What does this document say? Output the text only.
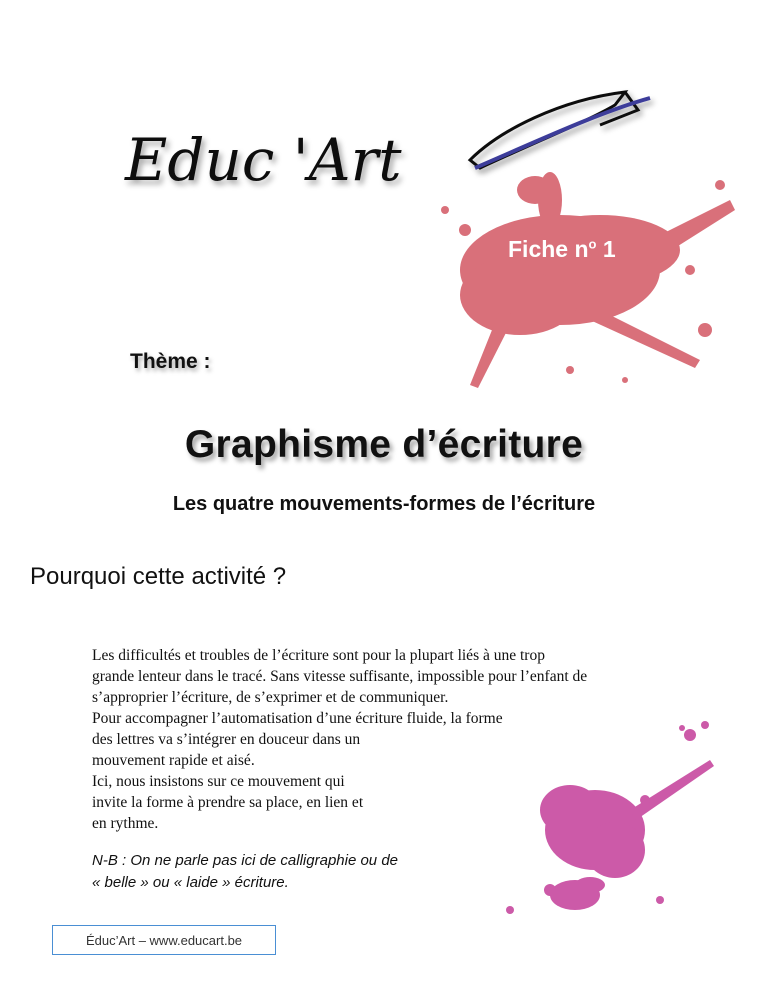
Educ 'Art
Fiche $n^o$ 1
Thème :
Graphisme d’écriture
Les quatre mouvements-formes de l’écriture
Pourquoi cette activité ?

Les difficultés et troubles de l’écriture sont pour la plupart liés à une trop

grande lenteur dans le tracé. Sans vitesse suffisante, impossible pour l’enfant de

s’approprier l’écriture, de s’exprimer et de communiquer.

Pour accompagner l’automatisation d’une écriture fluide, la forme

des lettres va s’intégrer en douceur dans un

mouvement rapide et aisé.

Ici, nous insistons sur ce mouvement qui

invite la forme à prendre sa place, en lien et

en rythme.

N-B : On ne parle pas ici de calligraphie ou de

« belle » ou « laide » écriture.

Éduc’Art – www.educart.be
